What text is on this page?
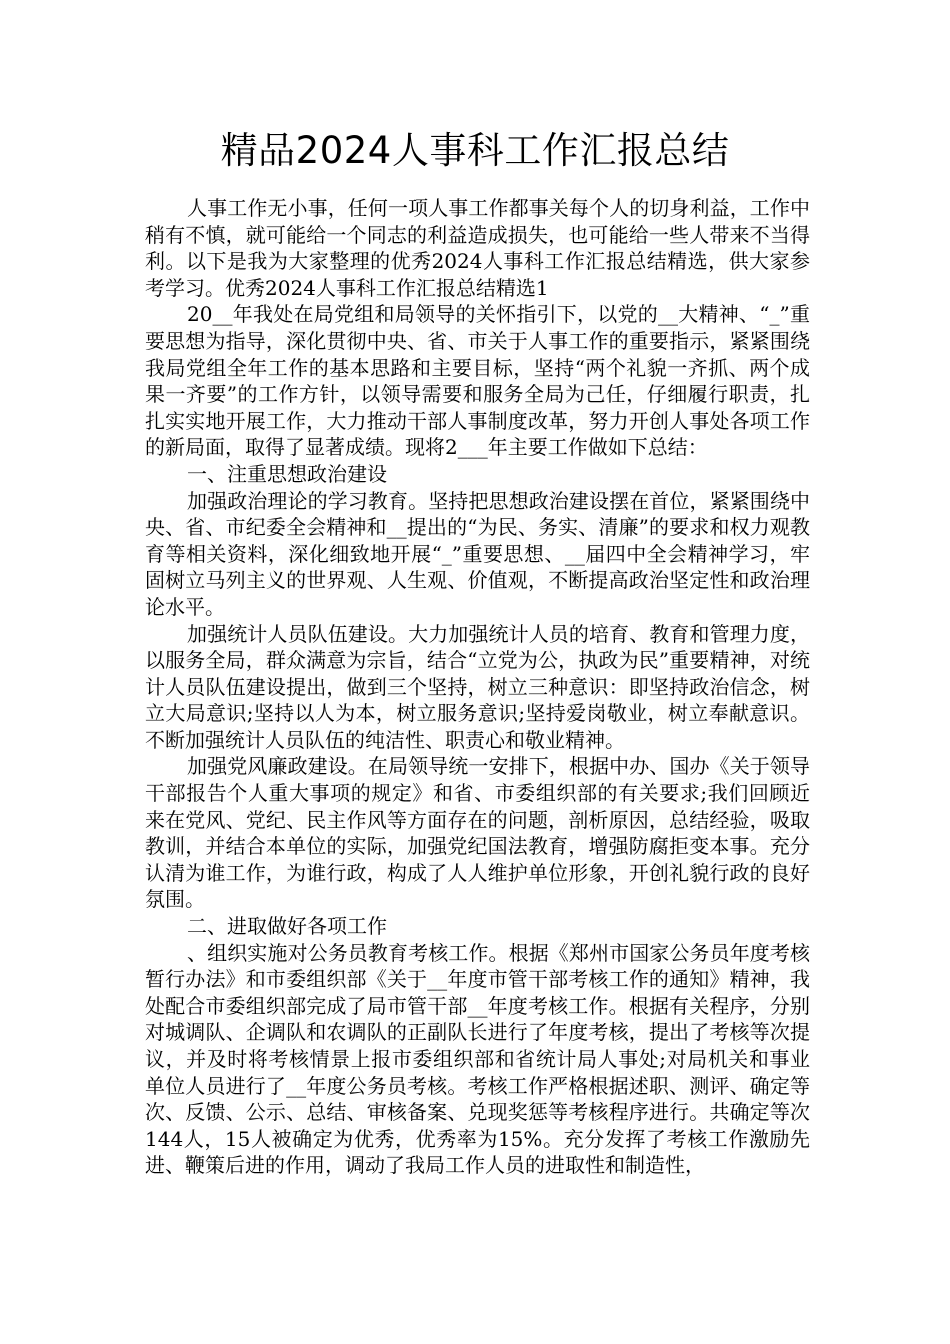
精品2024人事科工作汇报总结

人事工作无小事，任何一项人事工作都事关每个人的切身利益，工作中稍有不慎，就可能给一个同志的利益造成损失，也可能给一些人带来不当得利。以下是我为大家整理的优秀2024人事科工作汇报总结精选，供大家参考学习。优秀2024人事科工作汇报总结精选1

20__年我处在局党组和局领导的关怀指引下，以党的__大精神、“_”重要思想为指导，深化贯彻中央、省、市关于人事工作的重要指示，紧紧围绕我局党组全年工作的基本思路和主要目标，坚持“两个礼貌一齐抓、两个成果一齐要”的工作方针，以领导需要和服务全局为己任，仔细履行职责，扎扎实实地开展工作，大力推动干部人事制度改革，努力开创人事处各项工作的新局面，取得了显著成绩。现将2___年主要工作做如下总结：

一、注重思想政治建设

加强政治理论的学习教育。坚持把思想政治建设摆在首位，紧紧围绕中央、省、市纪委全会精神和__提出的“为民、务实、清廉”的要求和权力观教育等相关资料，深化细致地开展“_”重要思想、__届四中全会精神学习，牢固树立马列主义的世界观、人生观、价值观，不断提高政治坚定性和政治理论水平。

加强统计人员队伍建设。大力加强统计人员的培育、教育和管理力度，以服务全局，群众满意为宗旨，结合“立党为公，执政为民”重要精神，对统计人员队伍建设提出，做到三个坚持，树立三种意识：即坚持政治信念，树立大局意识;坚持以人为本，树立服务意识;坚持爱岗敬业，树立奉献意识。不断加强统计人员队伍的纯洁性、职责心和敬业精神。

加强党风廉政建设。在局领导统一安排下，根据中办、国办《关于领导干部报告个人重大事项的规定》和省、市委组织部的有关要求;我们回顾近来在党风、党纪、民主作风等方面存在的问题，剖析原因，总结经验，吸取教训，并结合本单位的实际，加强党纪国法教育，增强防腐拒变本事。充分认清为谁工作，为谁行政，构成了人人维护单位形象，开创礼貌行政的良好氛围。

二、进取做好各项工作

、组织实施对公务员教育考核工作。根据《郑州市国家公务员年度考核暂行办法》和市委组织部《关于__年度市管干部考核工作的通知》精神，我处配合市委组织部完成了局市管干部__年度考核工作。根据有关程序，分别对城调队、企调队和农调队的正副队长进行了年度考核，提出了考核等次提议，并及时将考核情景上报市委组织部和省统计局人事处;对局机关和事业单位人员进行了__年度公务员考核。考核工作严格根据述职、测评、确定等次、反馈、公示、总结、审核备案、兑现奖惩等考核程序进行。共确定等次144人，15人被确定为优秀，优秀率为15%。充分发挥了考核工作激励先进、鞭策后进的作用，调动了我局工作人员的进取性和制造性，
